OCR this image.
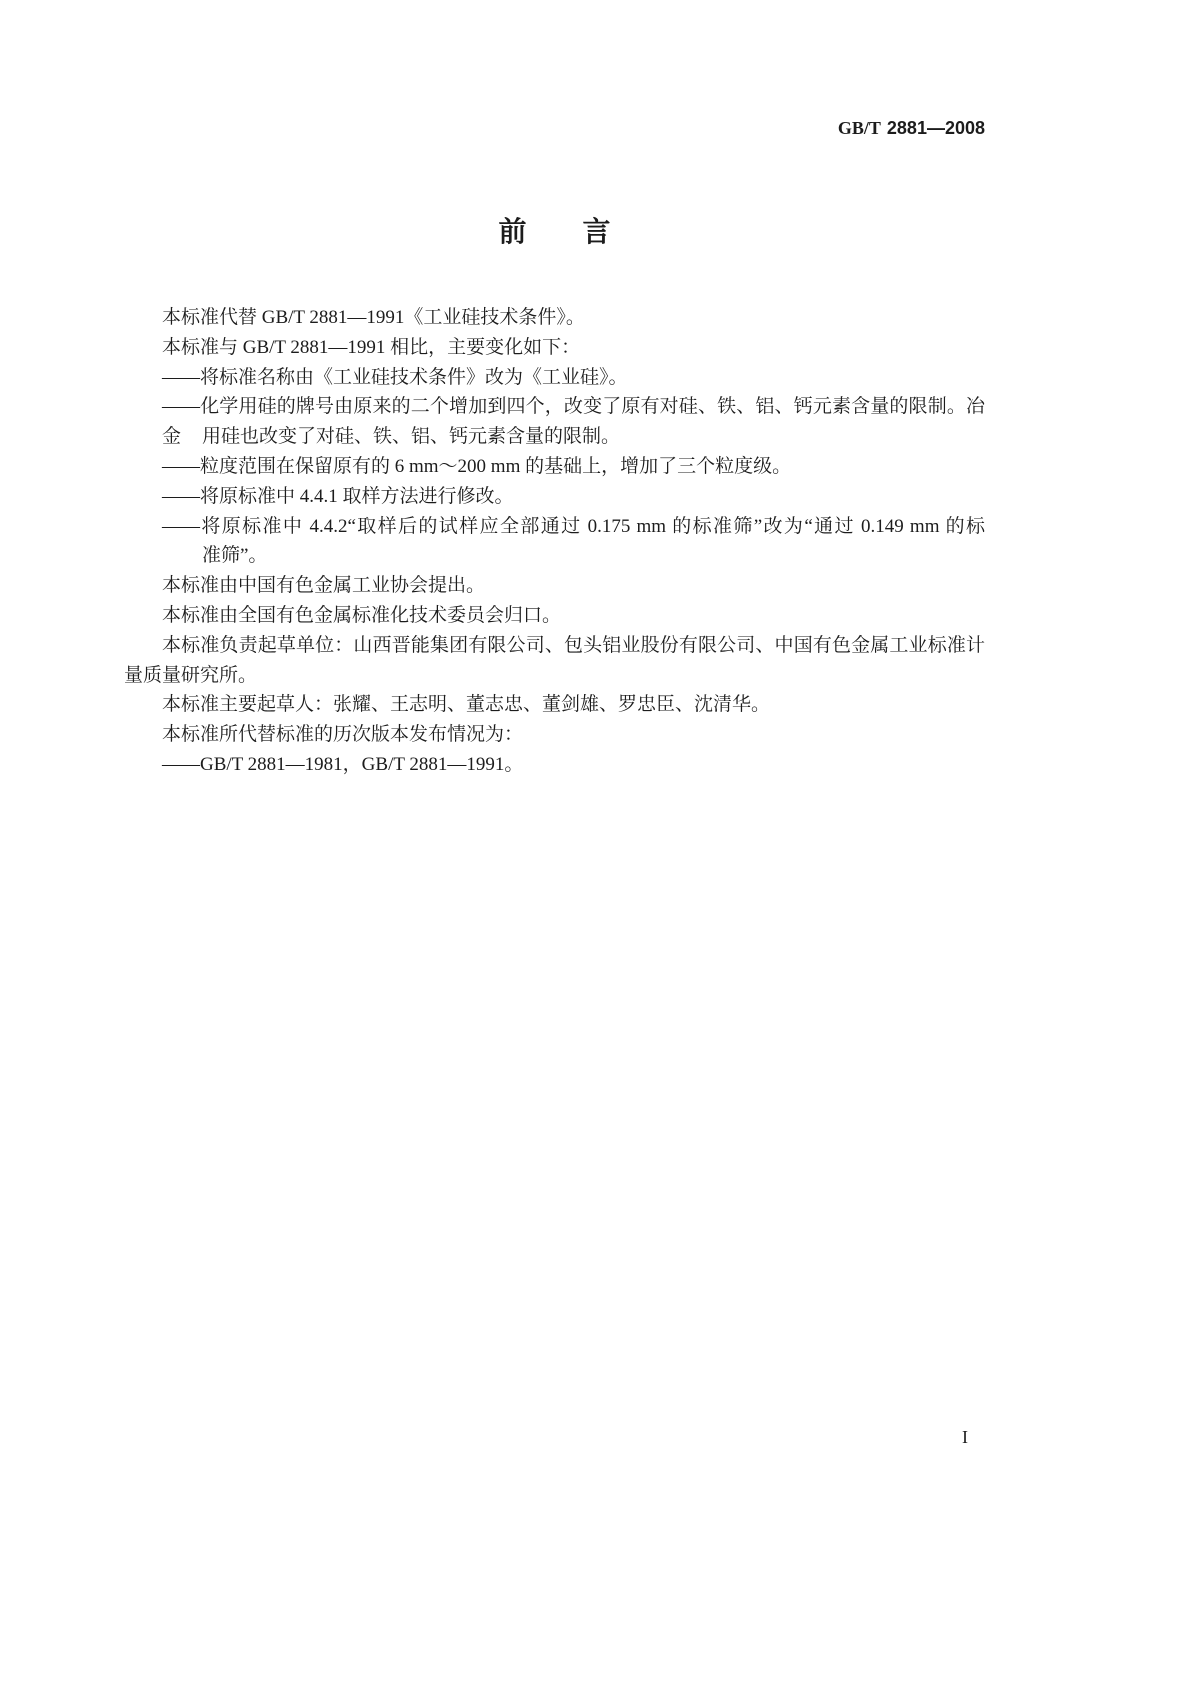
GB/T 2881—2008
前　　言
本标准代替 GB/T 2881—1991《工业硅技术条件》。
本标准与 GB/T 2881—1991 相比，主要变化如下：
——将标准名称由《工业硅技术条件》改为《工业硅》。
——化学用硅的牌号由原来的二个增加到四个，改变了原有对硅、铁、铝、钙元素含量的限制。冶金	用硅也改变了对硅、铁、铝、钙元素含量的限制。
——粒度范围在保留原有的 6 mm～200 mm 的基础上，增加了三个粒度级。
——将原标准中 4.4.1 取样方法进行修改。
——将原标准中 4.4.2“取样后的试样应全部通过 0.175 mm 的标准筛”改为“通过 0.149 mm 的标
准筛”。
本标准由中国有色金属工业协会提出。
本标准由全国有色金属标准化技术委员会归口。
本标准负责起草单位：山西晋能集团有限公司、包头铝业股份有限公司、中国有色金属工业标准计
量质量研究所。
本标准主要起草人：张耀、王志明、董志忠、董剑雄、罗忠臣、沈清华。
本标准所代替标准的历次版本发布情况为：
——GB/T 2881—1981，GB/T 2881—1991。
I
